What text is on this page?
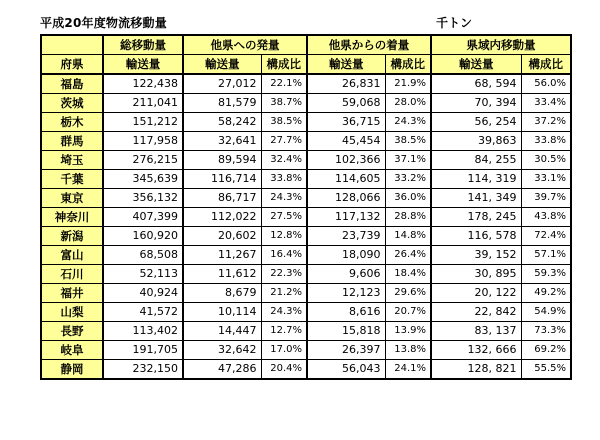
平成20年度物流移動量	千トン
	総移動量	他県への発量		他県からの着量		県域内移動量	
府県	輸送量	輸送量	構成比	輸送量	構成比	輸送量	構成比
福島	122,438	27,012	22.1%	26,831	21.9%	68, 594	56.0%
茨城	211,041	81,579	38.7%	59,068	28.0%	70, 394	33.4%
栃木	151,212	58,242	38.5%	36,715	24.3%	56, 254	37.2%
群馬	117,958	32,641	27.7%	45,454	38.5%	39,863	33.8%
埼玉	276,215	89,594	32.4%	102,366	37.1%	84, 255	30.5%
千葉	345,639	116,714	33.8%	114,605	33.2%	114, 319	33.1%
東京	356,132	86,717	24.3%	128,066	36.0%	141, 349	39.7%
神奈川	407,399	112,022	27.5%	117,132	28.8%	178, 245	43.8%
新潟	160,920	20,602	12.8%	23,739	14.8%	116, 578	72.4%
富山	68,508	11,267	16.4%	18,090	26.4%	39, 152	57.1%
石川	52,113	11,612	22.3%	9,606	18.4%	30, 895	59.3%
福井	40,924	8,679	21.2%	12,123	29.6%	20, 122	49.2%
山梨	41,572	10,114	24.3%	8,616	20.7%	22, 842	54.9%
長野	113,402	14,447	12.7%	15,818	13.9%	83, 137	73.3%
岐阜	191,705	32,642	17.0%	26,397	13.8%	132, 666	69.2%
静岡	232,150	47,286	20.4%	56,043	24.1%	128, 821	55.5%
